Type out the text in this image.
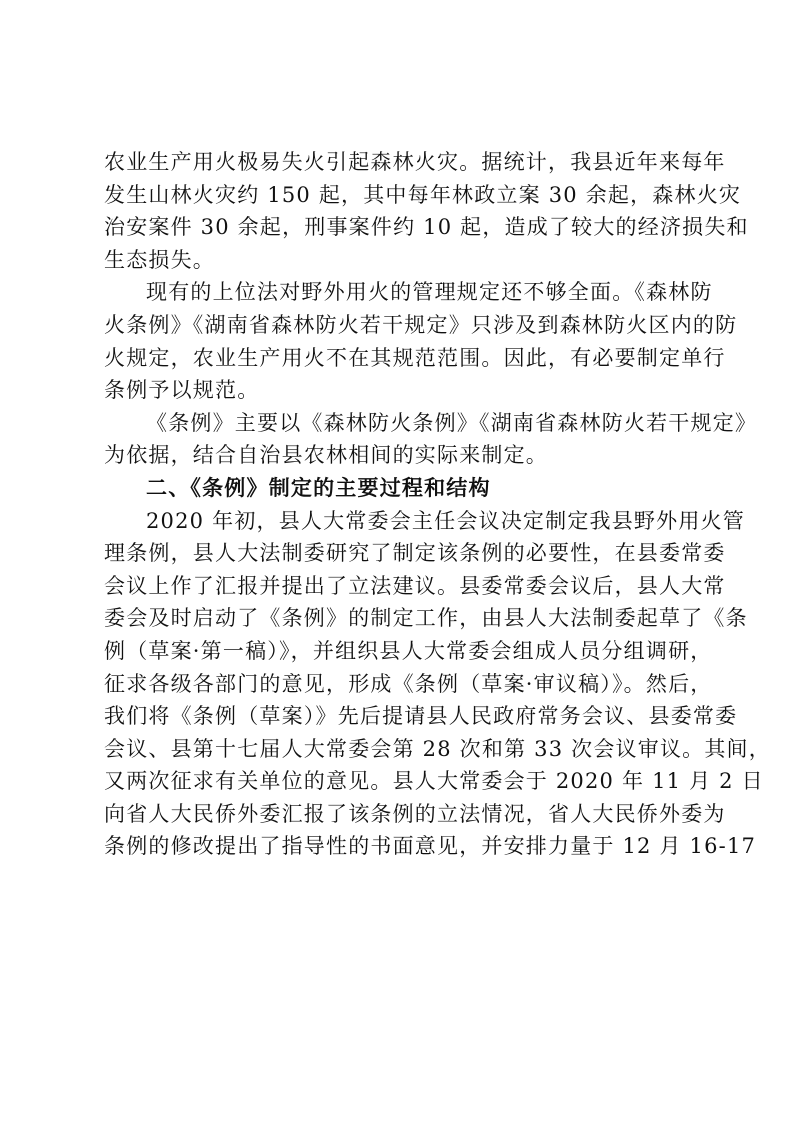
农业生产用火极易失火引起森林火灾。据统计，我县近年来每年
发生山林火灾约 150 起，其中每年林政立案 30 余起，森林火灾
治安案件 30 余起，刑事案件约 10 起，造成了较大的经济损失和
生态损失。
现有的上位法对野外用火的管理规定还不够全面。《森林防
火条例》《湖南省森林防火若干规定》只涉及到森林防火区内的防
火规定，农业生产用火不在其规范范围。因此，有必要制定单行
条例予以规范。
《条例》主要以《森林防火条例》《湖南省森林防火若干规定》
为依据，结合自治县农林相间的实际来制定。
二、《条例》制定的主要过程和结构
2020 年初，县人大常委会主任会议决定制定我县野外用火管
理条例，县人大法制委研究了制定该条例的必要性，在县委常委
会议上作了汇报并提出了立法建议。县委常委会议后，县人大常
委会及时启动了《条例》的制定工作，由县人大法制委起草了《条
例（草案·第一稿）》，并组织县人大常委会组成人员分组调研，
征求各级各部门的意见，形成《条例（草案·审议稿）》。然后，
我们将《条例（草案）》先后提请县人民政府常务会议、县委常委
会议、县第十七届人大常委会第 28 次和第 33 次会议审议。其间，
又两次征求有关单位的意见。县人大常委会于 2020 年 11 月 2 日
向省人大民侨外委汇报了该条例的立法情况，省人大民侨外委为
条例的修改提出了指导性的书面意见，并安排力量于 12 月 16-17
